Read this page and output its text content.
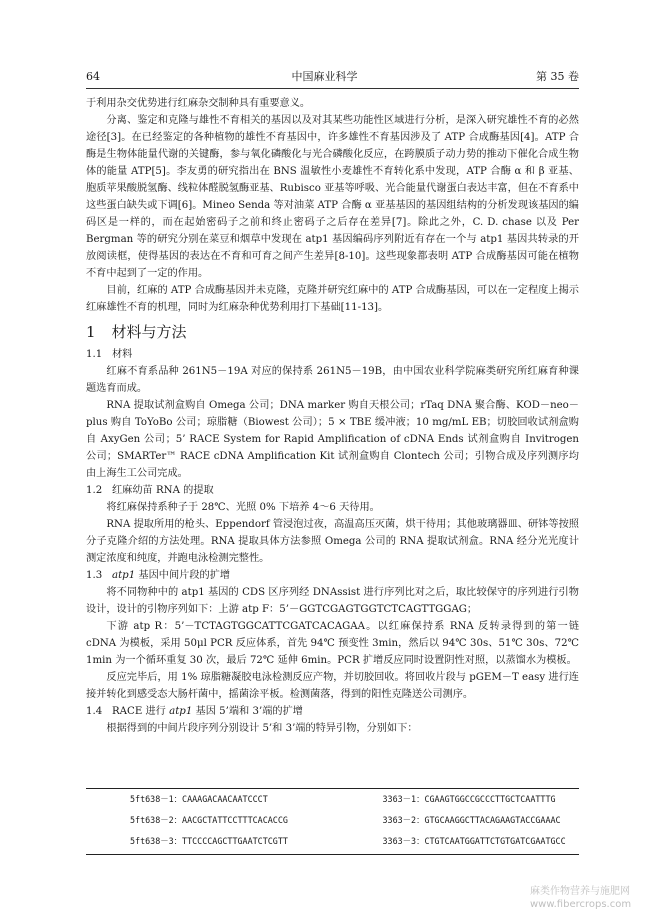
64	中国麻业科学	第 35 卷

于利用杂交优势进行红麻杂交制种具有重要意义。

分离、鉴定和克隆与雄性不育相关的基因以及对其某些功能性区域进行分析，是深入研究雄性不育的必然途径[3]。在已经鉴定的各种植物的雄性不育基因中，许多雄性不育基因涉及了 ATP 合成酶基因[4]。ATP 合酶是生物体能量代谢的关键酶，参与氧化磷酸化与光合磷酸化反应，在跨膜质子动力势的推动下催化合成生物体的能量 ATP[5]。李友勇的研究指出在 BNS 温敏性小麦雄性不育转化系中发现，ATP 合酶 α 和 β 亚基、胞质苹果酸脱氢酶、线粒体醛脱氢酶亚基、Rubisco 亚基等呼吸、光合能量代谢蛋白表达丰富，但在不育系中这些蛋白缺失或下调[6]。Mineo Senda 等对油菜 ATP 合酶 α 亚基基因的基因组结构的分析发现该基因的编码区是一样的，而在起始密码子之前和终止密码子之后存在差异[7]。除此之外，C. D. chase 以及 Per Bergman 等的研究分别在菜豆和烟草中发现在 atp1 基因编码序列附近有存在一个与 atp1 基因共转录的开放阅读框，使得基因的表达在不育和可育之间产生差异[8-10]。这些现象都表明 ATP 合成酶基因可能在植物不育中起到了一定的作用。

目前，红麻的 ATP 合成酶基因并未克隆，克隆并研究红麻中的 ATP 合成酶基因，可以在一定程度上揭示红麻雄性不育的机理，同时为红麻杂种优势利用打下基础[11-13]。

1 材料与方法
1.1 材料

红麻不育系品种 261N5－19A 对应的保持系 261N5－19B，由中国农业科学院麻类研究所红麻育种课题选育而成。

RNA 提取试剂盒购自 Omega 公司；DNA marker 购自天根公司；rTaq DNA 聚合酶、KOD－neo－plus 购自 ToYoBo 公司；琼脂糖（Biowest 公司）；5 × TBE 缓冲液；10 mg/mL EB；切胶回收试剂盒购自 AxyGen 公司；5’ RACE System for Rapid Amplification of cDNA Ends 试剂盒购自 Invitrogen 公司；SMARTer™ RACE cDNA Amplification Kit 试剂盒购自 Clontech 公司；引物合成及序列测序均由上海生工公司完成。

1.2 红麻幼苗 RNA 的提取

将红麻保持系种子于 28℃、光照 0% 下培养 4～6 天待用。

RNA 提取所用的枪头、Eppendorf 管浸泡过夜，高温高压灭菌，烘干待用；其他玻璃器皿、研钵等按照分子克隆介绍的方法处理。RNA 提取具体方法参照 Omega 公司的 RNA 提取试剂盒。RNA 经分光光度计测定浓度和纯度，并跑电泳检测完整性。

1.3 atp1 基因中间片段的扩增

将不同物种中的 atp1 基因的 CDS 区序列经 DNAssist 进行序列比对之后，取比较保守的序列进行引物设计，设计的引物序列如下：上游 atp F：5’－GGTCGAGTGGTCTCAGTTGGAG；

下游 atp R：5’－TCTAGTGGCATTCGATCACAGAA。以红麻保持系 RNA 反转录得到的第一链 cDNA 为模板，采用 50μl PCR 反应体系，首先 94℃ 预变性 3min，然后以 94℃ 30s、51℃ 30s、72℃ 1min 为一个循环重复 30 次，最后 72℃ 延伸 6min。PCR 扩增反应同时设置阴性对照，以蒸馏水为模板。

反应完毕后，用 1% 琼脂糖凝胶电泳检测反应产物，并切胶回收。将回收片段与 pGEM－T easy 进行连接并转化到感受态大肠杆菌中，摇菌涂平板。检测菌落，得到的阳性克隆送公司测序。

1.4 RACE 进行 atp1 基因 5’端和 3’端的扩增

根据得到的中间片段序列分别设计 5’和 3’端的特异引物，分别如下：

5ft638－1：CAAAGACAACAATCCCT	3363－1：CGAAGTGGCCGCCCTTGCTCAATTTG
5ft638－2：AACGCTATTCCTTTCACACCG	3363－2：GTGCAAGGCTTACAGAAGTACCGAAAC
5ft638－3：TTCCCCAGCTTGAATCTCGTT	3363－3：CTGTCAATGGATTCTGTGATCGAATGCC
麻类作物营养与施肥网
www.fibercrops.com
